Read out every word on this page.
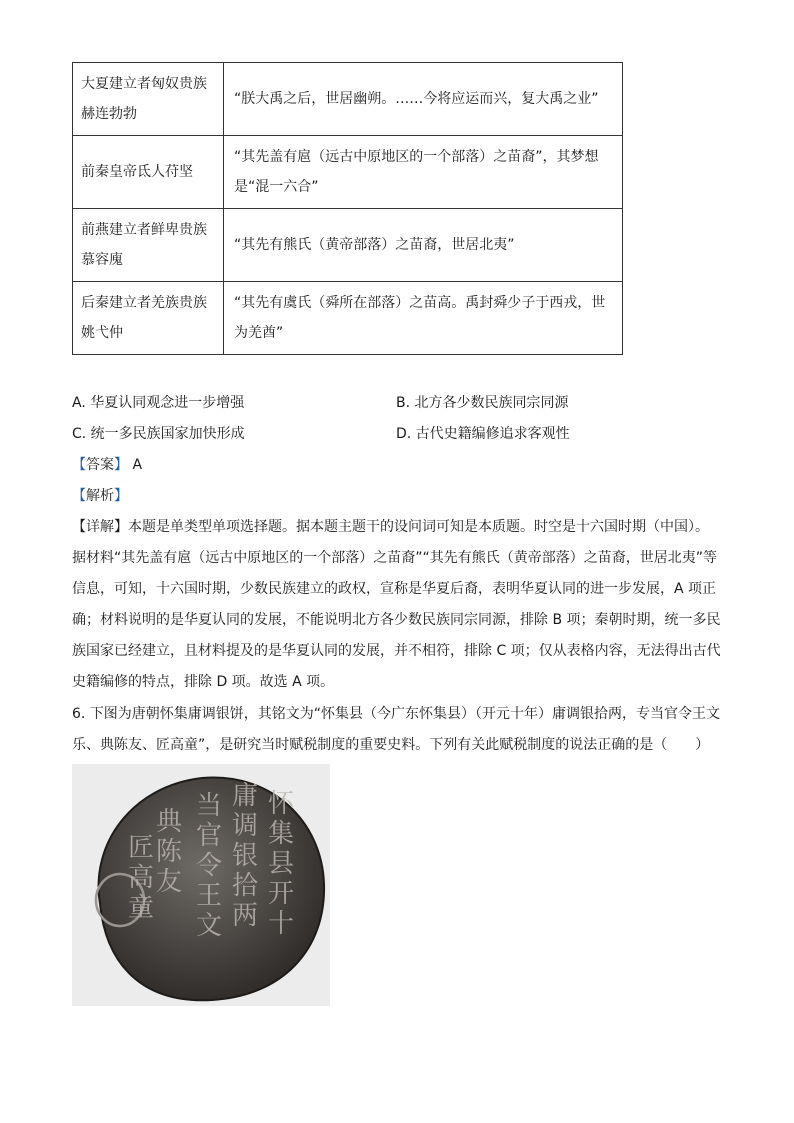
大夏建立者匈奴贵族赫连勃勃	“朕大禹之后，世居幽朔。……今将应运而兴，复大禹之业”
前秦皇帝氐人苻坚	“其先盖有扈（远古中原地区的一个部落）之苗裔”，其梦想是“混一六合”
前燕建立者鲜卑贵族慕容廆	“其先有熊氏（黄帝部落）之苗裔，世居北夷”
后秦建立者羌族贵族姚弋仲	“其先有虞氏（舜所在部落）之苗高。禹封舜少子于西戎，世为羌酋”
A. 华夏认同观念进一步增强	B. 北方各少数民族同宗同源
C. 统一多民族国家加快形成	D. 古代史籍编修追求客观性
【答案】 A
【解析】
【详解】本题是单类型单项选择题。据本题主题干的设问词可知是本质题。时空是十六国时期（中国）。
据材料“其先盖有扈（远古中原地区的一个部落）之苗裔”“其先有熊氏（黄帝部落）之苗裔，世居北夷”等
信息，可知，十六国时期，少数民族建立的政权，宣称是华夏后裔，表明华夏认同的进一步发展，A 项正
确；材料说明的是华夏认同的发展，不能说明北方各少数民族同宗同源，排除 B 项；秦朝时期，统一多民
族国家已经建立，且材料提及的是华夏认同的发展，并不相符，排除 C 项；仅从表格内容，无法得出古代
史籍编修的特点，排除 D 项。故选 A 项。
6. 下图为唐朝怀集庸调银饼，其铭文为“怀集县（今广东怀集县）（开元十年）庸调银拾两，专当官令王文
乐、典陈友、匠高童”，是研究当时赋税制度的重要史料。下列有关此赋税制度的说法正确的是（　　）
怀
集
县
开
十
庸
调
银
拾
两
当
官
令
王
文
典
陈
友
匠
高
童
